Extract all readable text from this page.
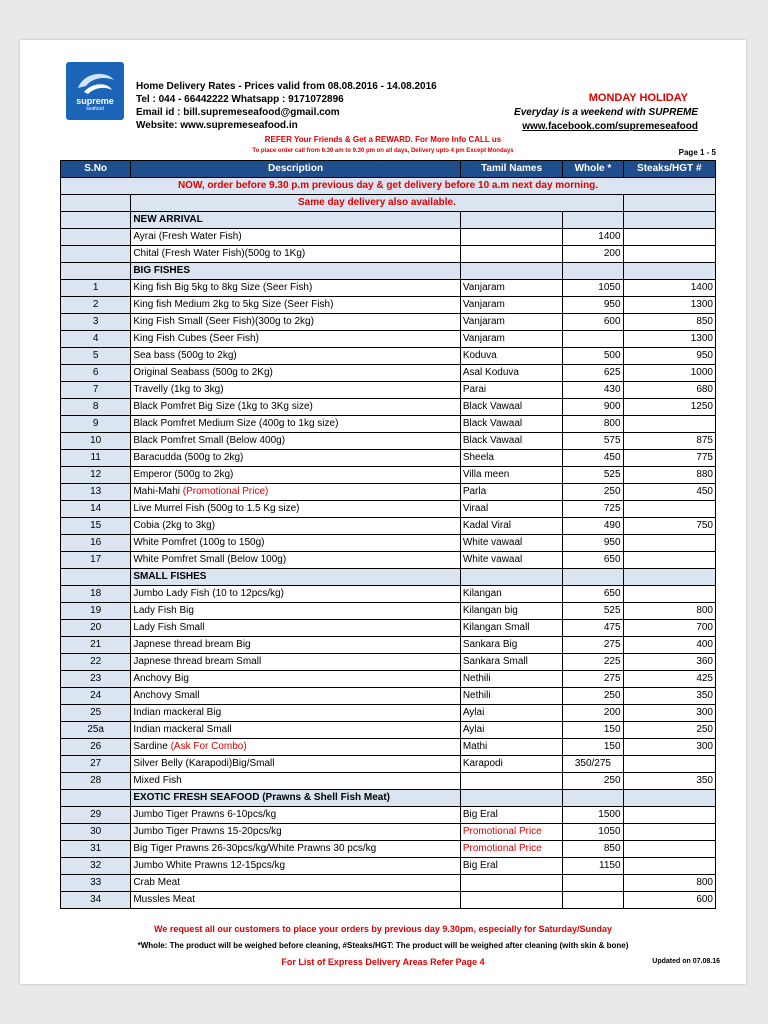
supreme
seafood
Home Delivery Rates - Prices valid from 08.08.2016 - 14.08.2016
Tel : 044 - 66442222 Whatsapp : 9171072896
Email id : bill.supremeseafood@gmail.com
Website: www.supremeseafood.in
MONDAY HOLIDAY
Everyday is a weekend with SUPREME
www.facebook.com/supremeseafood
REFER Your Friends & Get a REWARD. For More Info CALL us
To place order call from 6.30 am to 9.30 pm on all days, Delivery upto 4 pm Except Mondays	Page 1 - 5
S.No	Description	Tamil Names	Whole *	Steaks/HGT #
NOW, order before 9.30 p.m previous day & get delivery before 10 a.m next day morning.				
	Same day delivery also available.			
	NEW ARRIVAL			
	Ayrai (Fresh Water Fish)		1400	
	Chital (Fresh Water Fish)(500g to 1Kg)		200	
	BIG FISHES			
1	King fish Big 5kg to 8kg Size (Seer Fish)	Vanjaram	1050	1400
2	King fish Medium 2kg to 5kg Size (Seer Fish)	Vanjaram	950	1300
3	King Fish Small (Seer Fish)(300g to 2kg)	Vanjaram	600	850
4	King Fish Cubes (Seer Fish)	Vanjaram		1300
5	Sea bass (500g to 2kg)	Koduva	500	950
6	Original Seabass (500g to 2Kg)	Asal Koduva	625	1000
7	Travelly (1kg to 3kg)	Parai	430	680
8	Black Pomfret Big Size (1kg to 3Kg size)	Black Vawaal	900	1250
9	Black Pomfret Medium Size (400g to 1kg size)	Black Vawaal	800	
10	Black Pomfret Small (Below 400g)	Black Vawaal	575	875
11	Baracudda (500g to 2kg)	Sheela	450	775
12	Emperor (500g to 2kg)	Villa meen	525	880
13	Mahi-Mahi (Promotional Price)	Parla	250	450
14	Live Murrel Fish (500g to 1.5 Kg size)	Viraal	725	
15	Cobia (2kg to 3kg)	Kadal Viral	490	750
16	White Pomfret (100g to 150g)	White vawaal	950	
17	White Pomfret Small (Below 100g)	White vawaal	650	
	SMALL FISHES			
18	Jumbo Lady Fish (10 to 12pcs/kg)	Kilangan	650	
19	Lady Fish Big	Kilangan big	525	800
20	Lady Fish Small	Kilangan Small	475	700
21	Japnese thread bream Big	Sankara Big	275	400
22	Japnese thread bream Small	Sankara Small	225	360
23	Anchovy Big	Nethili	275	425
24	Anchovy Small	Nethili	250	350
25	Indian mackeral Big	Aylai	200	300
25a	Indian mackeral Small	Aylai	150	250
26	Sardine (Ask For Combo)	Mathi	150	300
27	Silver Belly (Karapodi)Big/Small	Karapodi	350/275	
28	Mixed Fish		250	350
	EXOTIC FRESH SEAFOOD (Prawns & Shell Fish Meat)			
29	Jumbo Tiger Prawns 6-10pcs/kg	Big Eral	1500	
30	Jumbo Tiger Prawns 15-20pcs/kg	Promotional Price	1050	
31	Big Tiger Prawns 26-30pcs/kg/White Prawns 30 pcs/kg	Promotional Price	850	
32	Jumbo White Prawns 12-15pcs/kg	Big Eral	1150	
33	Crab Meat			800
34	Mussles Meat			600
We request all our customers to place your orders by previous day 9.30pm, especially for Saturday/Sunday
*Whole: The product will be weighed before cleaning, #Steaks/HGT: The product will be weighed after cleaning (with skin & bone)
For List of Express Delivery Areas Refer Page 4	Updated on 07.08.16
